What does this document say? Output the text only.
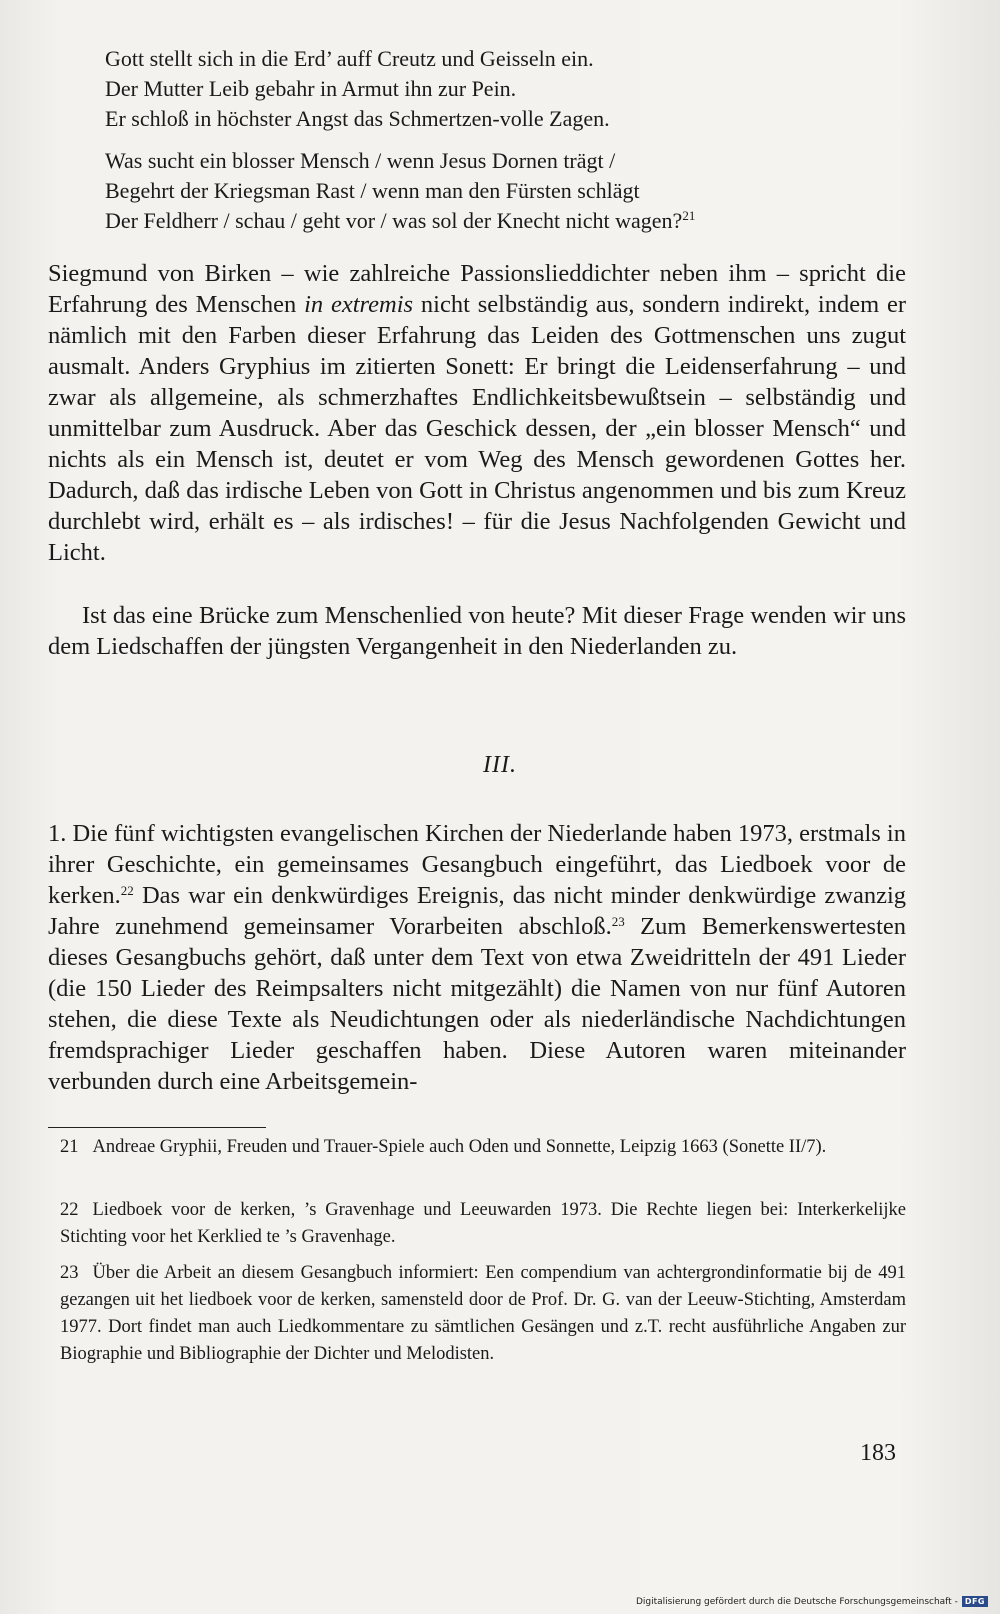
Gott stellt sich in die Erd’ auff Creutz und Geisseln ein.
Der Mutter Leib gebahr in Armut ihn zur Pein.
Er schloß in höchster Angst das Schmertzen-volle Zagen.
Was sucht ein blosser Mensch / wenn Jesus Dornen trägt /
Begehrt der Kriegsman Rast / wenn man den Fürsten schlägt
Der Feldherr / schau / geht vor / was sol der Knecht nicht wagen?$^{21}$

Siegmund von Birken – wie zahlreiche Passionslieddichter neben ihm – spricht die Erfahrung des Menschen in extremis nicht selbständig aus, sondern indirekt, indem er nämlich mit den Farben dieser Erfahrung das Leiden des Gottmenschen uns zugut ausmalt. Anders Gryphius im zitierten Sonett: Er bringt die Leidenserfahrung – und zwar als allgemeine, als schmerzhaftes Endlichkeitsbewußtsein – selbständig und unmittelbar zum Ausdruck. Aber das Geschick dessen, der „ein blosser Mensch“ und nichts als ein Mensch ist, deutet er vom Weg des Mensch gewordenen Gottes her. Dadurch, daß das irdische Leben von Gott in Christus angenommen und bis zum Kreuz durchlebt wird, erhält es – als irdisches! – für die Jesus Nachfolgenden Gewicht und Licht.

Ist das eine Brücke zum Menschenlied von heute? Mit dieser Frage wenden wir uns dem Liedschaffen der jüngsten Vergangenheit in den Niederlanden zu.

III.

1. Die fünf wichtigsten evangelischen Kirchen der Niederlande haben 1973, erstmals in ihrer Geschichte, ein gemeinsames Gesangbuch eingeführt, das Liedboek voor de kerken.$^{22}$ Das war ein denkwürdiges Ereignis, das nicht minder denkwürdige zwanzig Jahre zunehmend gemeinsamer Vorarbeiten abschloß.$^{23}$ Zum Bemerkenswertesten dieses Gesangbuchs gehört, daß unter dem Text von etwa Zweidritteln der 491 Lieder (die 150 Lieder des Reimpsalters nicht mitgezählt) die Namen von nur fünf Autoren stehen, die diese Texte als Neudichtungen oder als niederländische Nachdichtungen fremdsprachiger Lieder geschaffen haben. Diese Autoren waren miteinander verbunden durch eine Arbeitsgemein-

21 Andreae Gryphii, Freuden und Trauer-Spiele auch Oden und Sonnette, Leipzig 1663 (Sonette II/7).
22 Liedboek voor de kerken, ’s Gravenhage und Leeuwarden 1973. Die Rechte liegen bei: Interkerkelijke Stichting voor het Kerklied te ’s Gravenhage.
23 Über die Arbeit an diesem Gesangbuch informiert: Een compendium van achtergrondinformatie bij de 491 gezangen uit het liedboek voor de kerken, samensteld door de Prof. Dr. G. van der Leeuw-Stichting, Amsterdam 1977. Dort findet man auch Liedkommentare zu sämtlichen Gesängen und z.T. recht ausführliche Angaben zur Biographie und Bibliographie der Dichter und Melodisten.
183
Digitalisierung gefördert durch die Deutsche Forschungsgemeinschaft - DFG
